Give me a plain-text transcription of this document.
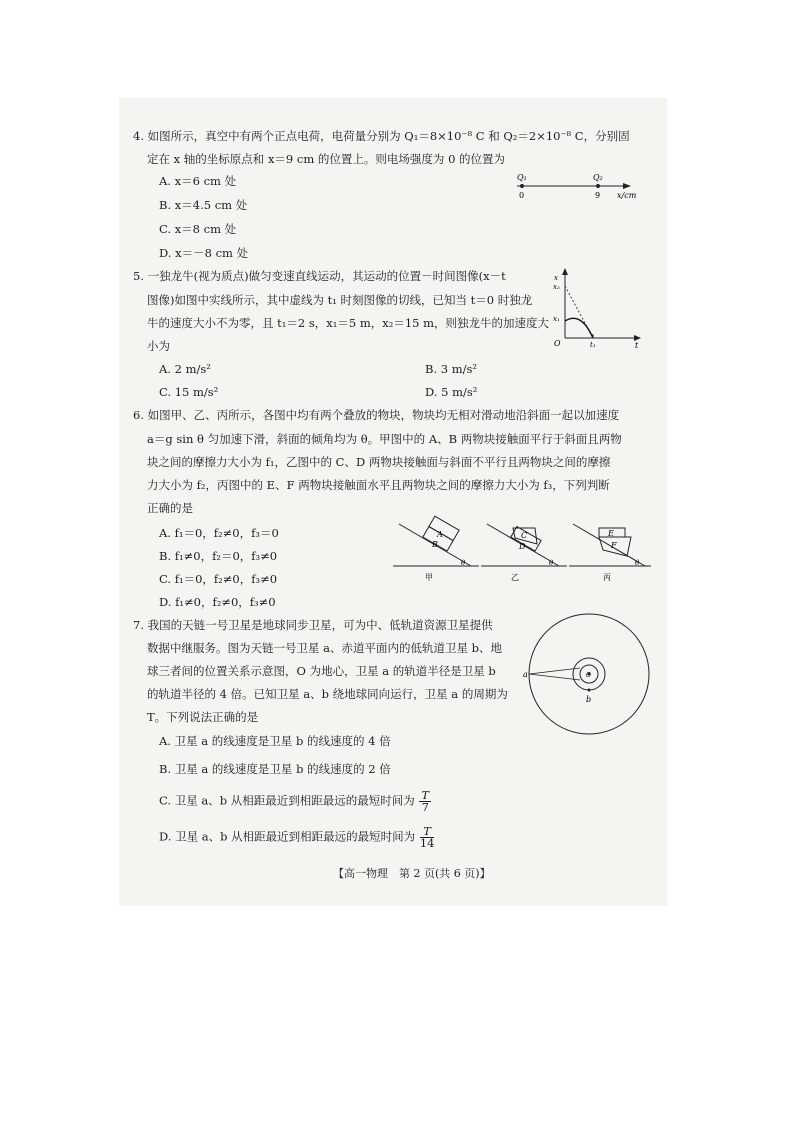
4. 如图所示，真空中有两个正点电荷，电荷量分别为 Q₁＝8×10⁻⁸ C 和 Q₂＝2×10⁻⁸ C，分别固
定在 x 轴的坐标原点和 x＝9 cm 的位置上。则电场强度为 0 的位置为
A. x＝6 cm 处
B. x＝4.5 cm 处
C. x＝8 cm 处
D. x＝－8 cm 处
Q₁	Q₂
0	9 x/cm
5. 一独龙牛(视为质点)做匀变速直线运动，其运动的位置－时间图像(x－t
图像)如图中实线所示，其中虚线为 t₁ 时刻图像的切线，已知当 t＝0 时独龙
牛的速度大小不为零，且 t₁＝2 s，x₁＝5 m，x₂＝15 m，则独龙牛的加速度大
小为
A. 2 m/s²	B. 3 m/s²
C. 15 m/s²	D. 5 m/s²
x
x₂
x₁
O	t₁	t
6. 如图甲、乙、丙所示，各图中均有两个叠放的物块，物块均无相对滑动地沿斜面一起以加速度
a＝g sin θ 匀加速下滑，斜面的倾角均为 θ。甲图中的 A、B 两物块接触面平行于斜面且两物
块之间的摩擦力大小为 f₁，乙图中的 C、D 两物块接触面与斜面不平行且两物块之间的摩擦
力大小为 f₂，丙图中的 E、F 两物块接触面水平且两物块之间的摩擦力大小为 f₃，下列判断
正确的是
A. f₁＝0，f₂≠0，f₃＝0
B. f₁≠0，f₂＝0，f₃≠0
C. f₁＝0，f₂≠0，f₃≠0
D. f₁≠0，f₂≠0，f₃≠0
A
B
θ
甲
C
D
θ
乙
E
F
θ
丙
7. 我国的天链一号卫星是地球同步卫星，可为中、低轨道资源卫星提供
数据中继服务。图为天链一号卫星 a、赤道平面内的低轨道卫星 b、地
球三者间的位置关系示意图，O 为地心，卫星 a 的轨道半径是卫星 b
的轨道半径的 4 倍。已知卫星 a、b 绕地球同向运行，卫星 a 的周期为
T。下列说法正确的是
A. 卫星 a 的线速度是卫星 b 的线速度的 4 倍
B. 卫星 a 的线速度是卫星 b 的线速度的 2 倍
C. 卫星 a、b 从相距最近到相距最远的最短时间为 $\frac{T}{7}$
D. 卫星 a、b 从相距最近到相距最远的最短时间为 $\frac{T}{14}$
a
b
O
【高一物理　第 2 页(共 6 页)】
